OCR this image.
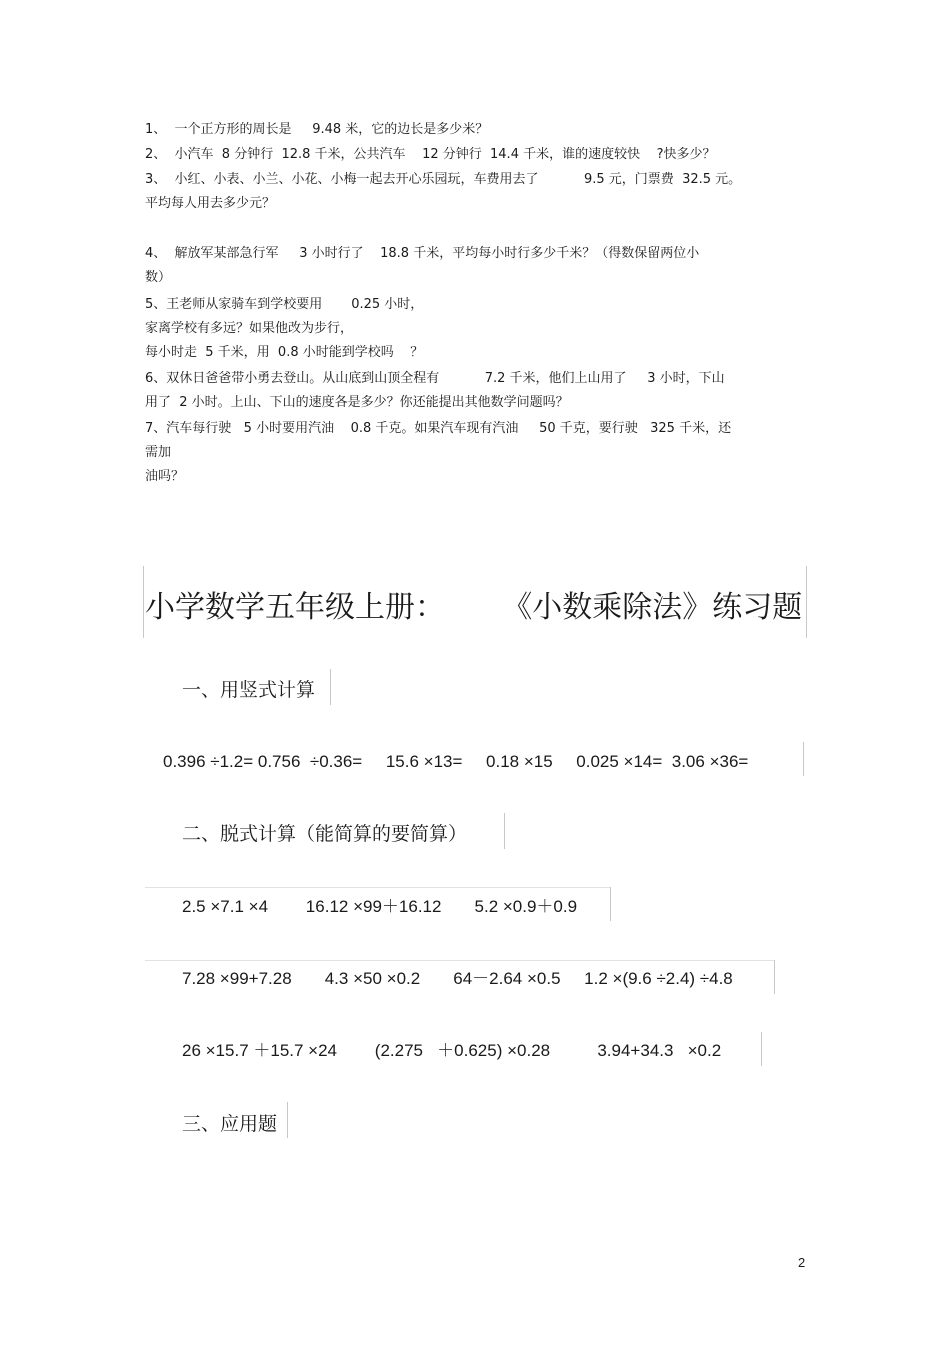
1、  一个正方形的周长是     9.48 米，它的边长是多少米？
2、  小汽车  8 分钟行  12.8 千米，公共汽车    12 分钟行  14.4 千米，谁的速度较快    ?快多少？
3、  小红、小表、小兰、小花、小梅一起去开心乐园玩，车费用去了           9.5 元，门票费  32.5 元。
平均每人用去多少元？
4、  解放军某部急行军     3 小时行了    18.8 千米，平均每小时行多少千米？（得数保留两位小
数）
5、王老师从家骑车到学校要用       0.25 小时，
家离学校有多远？如果他改为步行，
每小时走  5 千米，用  0.8 小时能到学校吗    ？
6、双休日爸爸带小勇去登山。从山底到山顶全程有           7.2 千米，他们上山用了     3 小时，下山
用了  2 小时。上山、下山的速度各是多少？你还能提出其他数学问题吗？
7、汽车每行驶   5 小时要用汽油    0.8 千克。如果汽车现有汽油     50 千克，要行驶   325 千米，还
需加
油吗？
小学数学五年级上册：      《小数乘除法》练习题
一、用竖式计算
0.396 ÷1.2= 0.756  ÷0.36=     15.6 ×13=     0.18 ×15     0.025 ×14=  3.06 ×36=
二、脱式计算（能简算的要简算）
2.5 ×7.1 ×4        16.12 ×99＋16.12       5.2 ×0.9＋0.9
7.28 ×99+7.28       4.3 ×50 ×0.2       64－2.64 ×0.5     1.2 ×(9.6 ÷2.4) ÷4.8
26 ×15.7 ＋15.7 ×24        (2.275   ＋0.625) ×0.28          3.94+34.3   ×0.2
三、应用题
2
